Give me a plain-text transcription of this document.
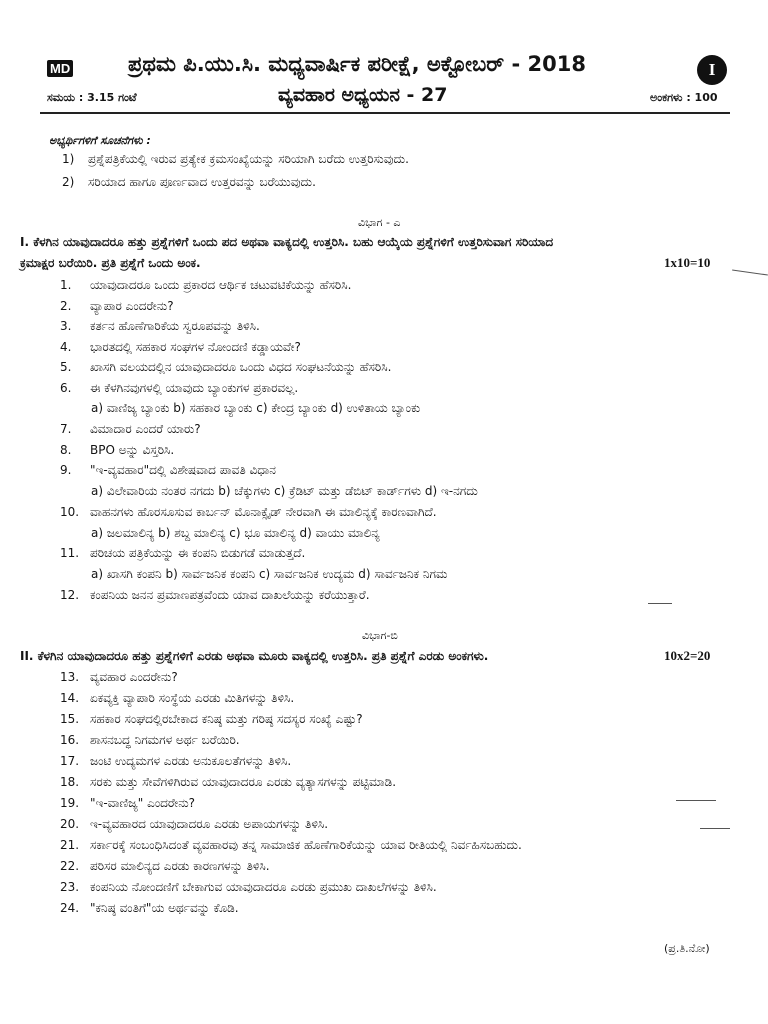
MD	ಪ್ರಥಮ ಪಿ.ಯು.ಸಿ. ಮಧ್ಯವಾರ್ಷಿಕ ಪರೀಕ್ಷೆ, ಅಕ್ಟೋಬರ್ - 2018	I
ಸಮಯ : 3.15 ಗಂಟೆ	ವ್ಯವಹಾರ ಅಧ್ಯಯನ - 27	ಅಂಕಗಳು : 100
ಅಭ್ಯರ್ಥಿಗಳಿಗೆ ಸೂಚನೆಗಳು :
1) ಪ್ರಶ್ನೆಪತ್ರಿಕೆಯಲ್ಲಿ ಇರುವ ಪ್ರತ್ಯೇಕ ಕ್ರಮಸಂಖ್ಯೆಯನ್ನು ಸರಿಯಾಗಿ ಬರೆದು ಉತ್ತರಿಸುವುದು.
2) ಸರಿಯಾದ ಹಾಗೂ ಪೂರ್ಣವಾದ ಉತ್ತರವನ್ನು ಬರೆಯುವುದು.
ವಿಭಾಗ - ಎ
I. ಕೆಳಗಿನ ಯಾವುದಾದರೂ ಹತ್ತು ಪ್ರಶ್ನೆಗಳಿಗೆ ಒಂದು ಪದ ಅಥವಾ ವಾಕ್ಯದಲ್ಲಿ ಉತ್ತರಿಸಿ. ಬಹು ಆಯ್ಕೆಯ ಪ್ರಶ್ನೆಗಳಿಗೆ ಉತ್ತರಿಸುವಾಗ ಸರಿಯಾದ
ಕ್ರಮಾಕ್ಷರ ಬರೆಯಿರಿ. ಪ್ರತಿ ಪ್ರಶ್ನೆಗೆ ಒಂದು ಅಂಕ.	1x10=10
1. ಯಾವುದಾದರೂ ಒಂದು ಪ್ರಕಾರದ ಆರ್ಥಿಕ ಚಟುವಟಿಕೆಯನ್ನು ಹೆಸರಿಸಿ.
2. ವ್ಯಾಪಾರ ಎಂದರೇನು?
3. ಕರ್ತನ ಹೊಣೆಗಾರಿಕೆಯ ಸ್ವರೂಪವನ್ನು ತಿಳಿಸಿ.
4. ಭಾರತದಲ್ಲಿ ಸಹಕಾರ ಸಂಘಗಳ ನೋಂದಣಿ ಕಡ್ಡಾಯವೇ?
5. ಖಾಸಗಿ ವಲಯದಲ್ಲಿನ ಯಾವುದಾದರೂ ಒಂದು ವಿಧದ ಸಂಘಟನೆಯನ್ನು ಹೆಸರಿಸಿ.
6. ಈ ಕೆಳಗಿನವುಗಳಲ್ಲಿ ಯಾವುದು ಬ್ಯಾಂಕುಗಳ ಪ್ರಕಾರವಲ್ಲ.
a) ವಾಣಿಜ್ಯ ಬ್ಯಾಂಕು b) ಸಹಕಾರ ಬ್ಯಾಂಕು c) ಕೇಂದ್ರ ಬ್ಯಾಂಕು d) ಉಳಿತಾಯ ಬ್ಯಾಂಕು
7. ವಿಮಾದಾರ ಎಂದರೆ ಯಾರು?
8. BPO ಅನ್ನು ವಿಸ್ತರಿಸಿ.
9. "ಇ-ವ್ಯವಹಾರ"ದಲ್ಲಿ ವಿಶೇಷವಾದ ಪಾವತಿ ವಿಧಾನ
a) ವಿಲೇವಾರಿಯ ನಂತರ ನಗದು b) ಚೆಕ್ಕುಗಳು c) ಕ್ರೆಡಿಟ್ ಮತ್ತು ಡೆಬಿಟ್ ಕಾರ್ಡ್‌ಗಳು d) ಇ-ನಗದು
10. ವಾಹನಗಳು ಹೊರಸೂಸುವ ಕಾರ್ಬನ್ ಮೊನಾಕ್ಸೈಡ್ ನೇರವಾಗಿ ಈ ಮಾಲಿನ್ಯಕ್ಕೆ ಕಾರಣವಾಗಿದೆ.
a) ಜಲಮಾಲಿನ್ಯ b) ಶಬ್ದ ಮಾಲಿನ್ಯ c) ಭೂ ಮಾಲಿನ್ಯ d) ವಾಯು ಮಾಲಿನ್ಯ
11. ಪರಿಚಯ ಪತ್ರಿಕೆಯನ್ನು ಈ ಕಂಪನಿ ಬಿಡುಗಡೆ ಮಾಡುತ್ತದೆ.
a) ಖಾಸಗಿ ಕಂಪನಿ b) ಸಾರ್ವಜನಿಕ ಕಂಪನಿ c) ಸಾರ್ವಜನಿಕ ಉದ್ಯಮ d) ಸಾರ್ವಜನಿಕ ನಿಗಮ
12. ಕಂಪನಿಯ ಜನನ ಪ್ರಮಾಣಪತ್ರವೆಂದು ಯಾವ ದಾಖಲೆಯನ್ನು ಕರೆಯುತ್ತಾರೆ.
ವಿಭಾಗ-ಬಿ
II. ಕೆಳಗಿನ ಯಾವುದಾದರೂ ಹತ್ತು ಪ್ರಶ್ನೆಗಳಿಗೆ ಎರಡು ಅಥವಾ ಮೂರು ವಾಕ್ಯದಲ್ಲಿ ಉತ್ತರಿಸಿ. ಪ್ರತಿ ಪ್ರಶ್ನೆಗೆ ಎರಡು ಅಂಕಗಳು.	10x2=20
13. ವ್ಯವಹಾರ ಎಂದರೇನು?
14. ಏಕವ್ಯಕ್ತಿ ವ್ಯಾಪಾರಿ ಸಂಸ್ಥೆಯ ಎರಡು ಮಿತಿಗಳನ್ನು ತಿಳಿಸಿ.
15. ಸಹಕಾರ ಸಂಘದಲ್ಲಿರಬೇಕಾದ ಕನಿಷ್ಠ ಮತ್ತು ಗರಿಷ್ಠ ಸದಸ್ಯರ ಸಂಖ್ಯೆ ಎಷ್ಟು?
16. ಶಾಸನಬದ್ಧ ನಿಗಮಗಳ ಅರ್ಥ ಬರೆಯಿರಿ.
17. ಜಂಟಿ ಉದ್ಯಮಗಳ ಎರಡು ಅನುಕೂಲತೆಗಳನ್ನು ತಿಳಿಸಿ.
18. ಸರಕು ಮತ್ತು ಸೇವೆಗಳಿಗಿರುವ ಯಾವುದಾದರೂ ಎರಡು ವ್ಯತ್ಯಾಸಗಳನ್ನು ಪಟ್ಟಿಮಾಡಿ.
19. "ಇ-ವಾಣಿಜ್ಯ" ಎಂದರೇನು?
20. ಇ-ವ್ಯವಹಾರದ ಯಾವುದಾದರೂ ಎರಡು ಅಪಾಯಗಳನ್ನು ತಿಳಿಸಿ.
21. ಸರ್ಕಾರಕ್ಕೆ ಸಂಬಂಧಿಸಿದಂತೆ ವ್ಯವಹಾರವು ತನ್ನ ಸಾಮಾಜಿಕ ಹೊಣೆಗಾರಿಕೆಯನ್ನು ಯಾವ ರೀತಿಯಲ್ಲಿ ನಿರ್ವಹಿಸಬಹುದು.
22. ಪರಿಸರ ಮಾಲಿನ್ಯದ ಎರಡು ಕಾರಣಗಳನ್ನು ತಿಳಿಸಿ.
23. ಕಂಪನಿಯ ನೋಂದಣಿಗೆ ಬೇಕಾಗುವ ಯಾವುದಾದರೂ ಎರಡು ಪ್ರಮುಖ ದಾಖಲೆಗಳನ್ನು ತಿಳಿಸಿ.
24. "ಕನಿಷ್ಠ ವಂತಿಗೆ"ಯ ಅರ್ಥವನ್ನು ಕೊಡಿ.
(ಪ್ರ.ತಿ.ನೋ)
